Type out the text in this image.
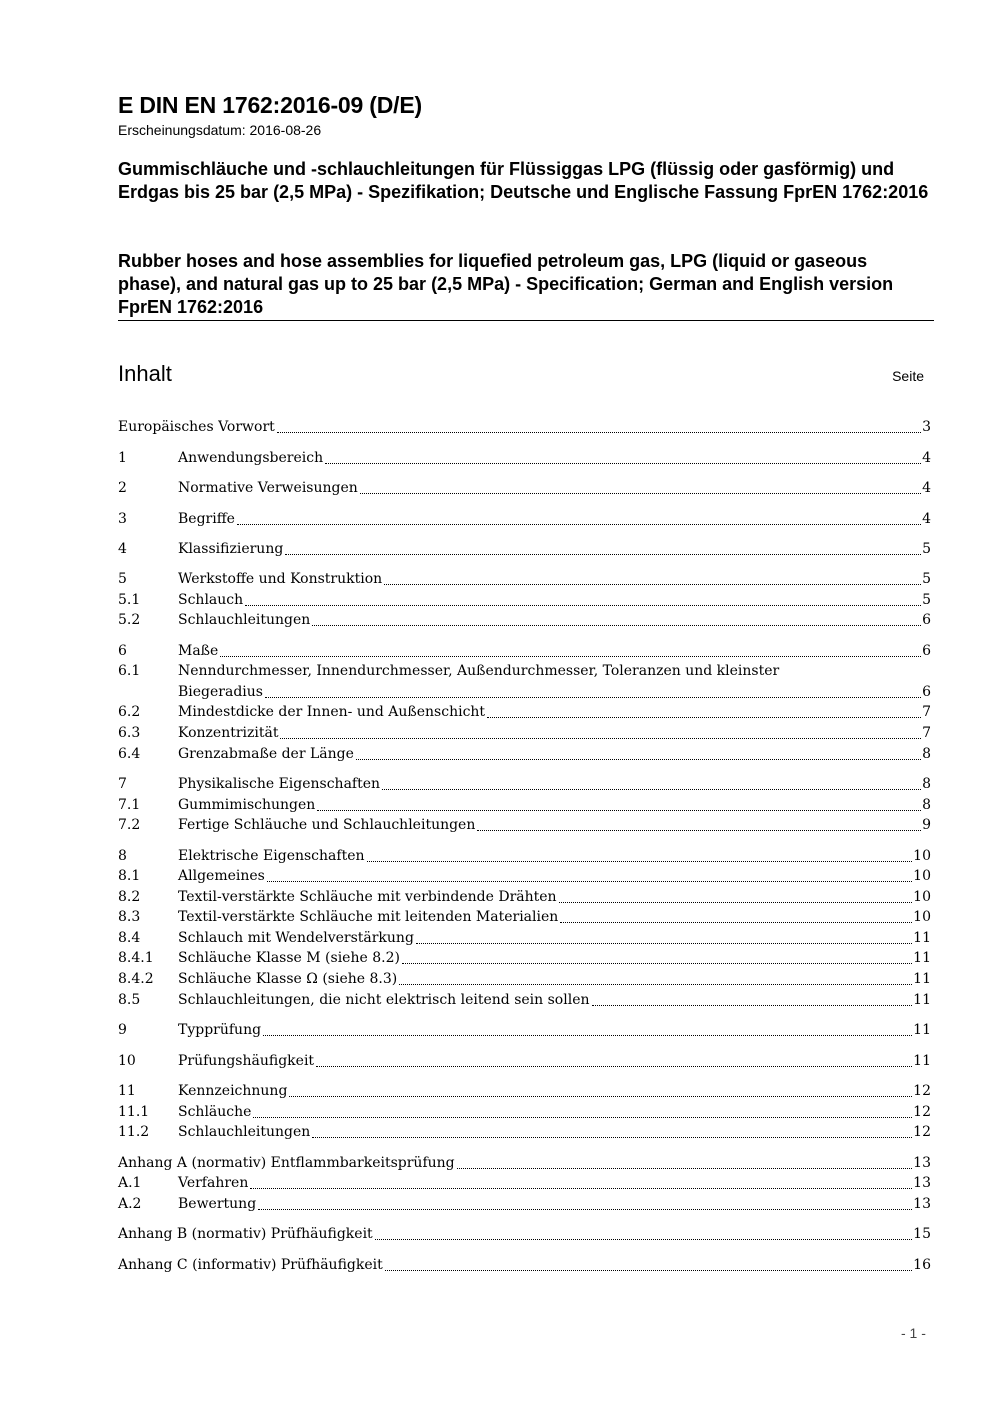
E DIN EN 1762:2016-09 (D/E)
Erscheinungsdatum: 2016-08-26
Gummischläuche und -schlauchleitungen für Flüssiggas LPG (flüssig oder gasförmig) und Erdgas bis 25 bar (2,5 MPa) - Spezifikation; Deutsche und Englische Fassung FprEN 1762:2016
Rubber hoses and hose assemblies for liquefied petroleum gas, LPG (liquid or gaseous phase), and natural gas up to 25 bar (2,5 MPa) - Specification; German and English version FprEN 1762:2016
Inhalt	Seite
Europäisches Vorwort	3
1	Anwendungsbereich	4
2	Normative Verweisungen	4
3	Begriffe	4
4	Klassifizierung	5
5	Werkstoffe und Konstruktion	5
5.1	Schlauch	5
5.2	Schlauchleitungen	6
6	Maße	6
6.1	Nenndurchmesser, Innendurchmesser, Außendurchmesser, Toleranzen und kleinster
Biegeradius	6
6.2	Mindestdicke der Innen- und Außenschicht	7
6.3	Konzentrizität	7
6.4	Grenzabmaße der Länge	8
7	Physikalische Eigenschaften	8
7.1	Gummimischungen	8
7.2	Fertige Schläuche und Schlauchleitungen	9
8	Elektrische Eigenschaften	10
8.1	Allgemeines	10
8.2	Textil-verstärkte Schläuche mit verbindende Drähten	10
8.3	Textil-verstärkte Schläuche mit leitenden Materialien	10
8.4	Schlauch mit Wendelverstärkung	11
8.4.1 Schläuche Klasse M (siehe 8.2)	11
8.4.2 Schläuche Klasse Ω (siehe 8.3)	11
8.5	Schlauchleitungen, die nicht elektrisch leitend sein sollen	11
9	Typprüfung	11
10	Prüfungshäufigkeit	11
11	Kennzeichnung	12
11.1 Schläuche	12
11.2 Schlauchleitungen	12
Anhang A (normativ) Entflammbarkeitsprüfung	13
A.1	Verfahren	13
A.2	Bewertung	13
Anhang B (normativ) Prüfhäufigkeit	15
Anhang C (informativ) Prüfhäufigkeit	16
- 1 -
